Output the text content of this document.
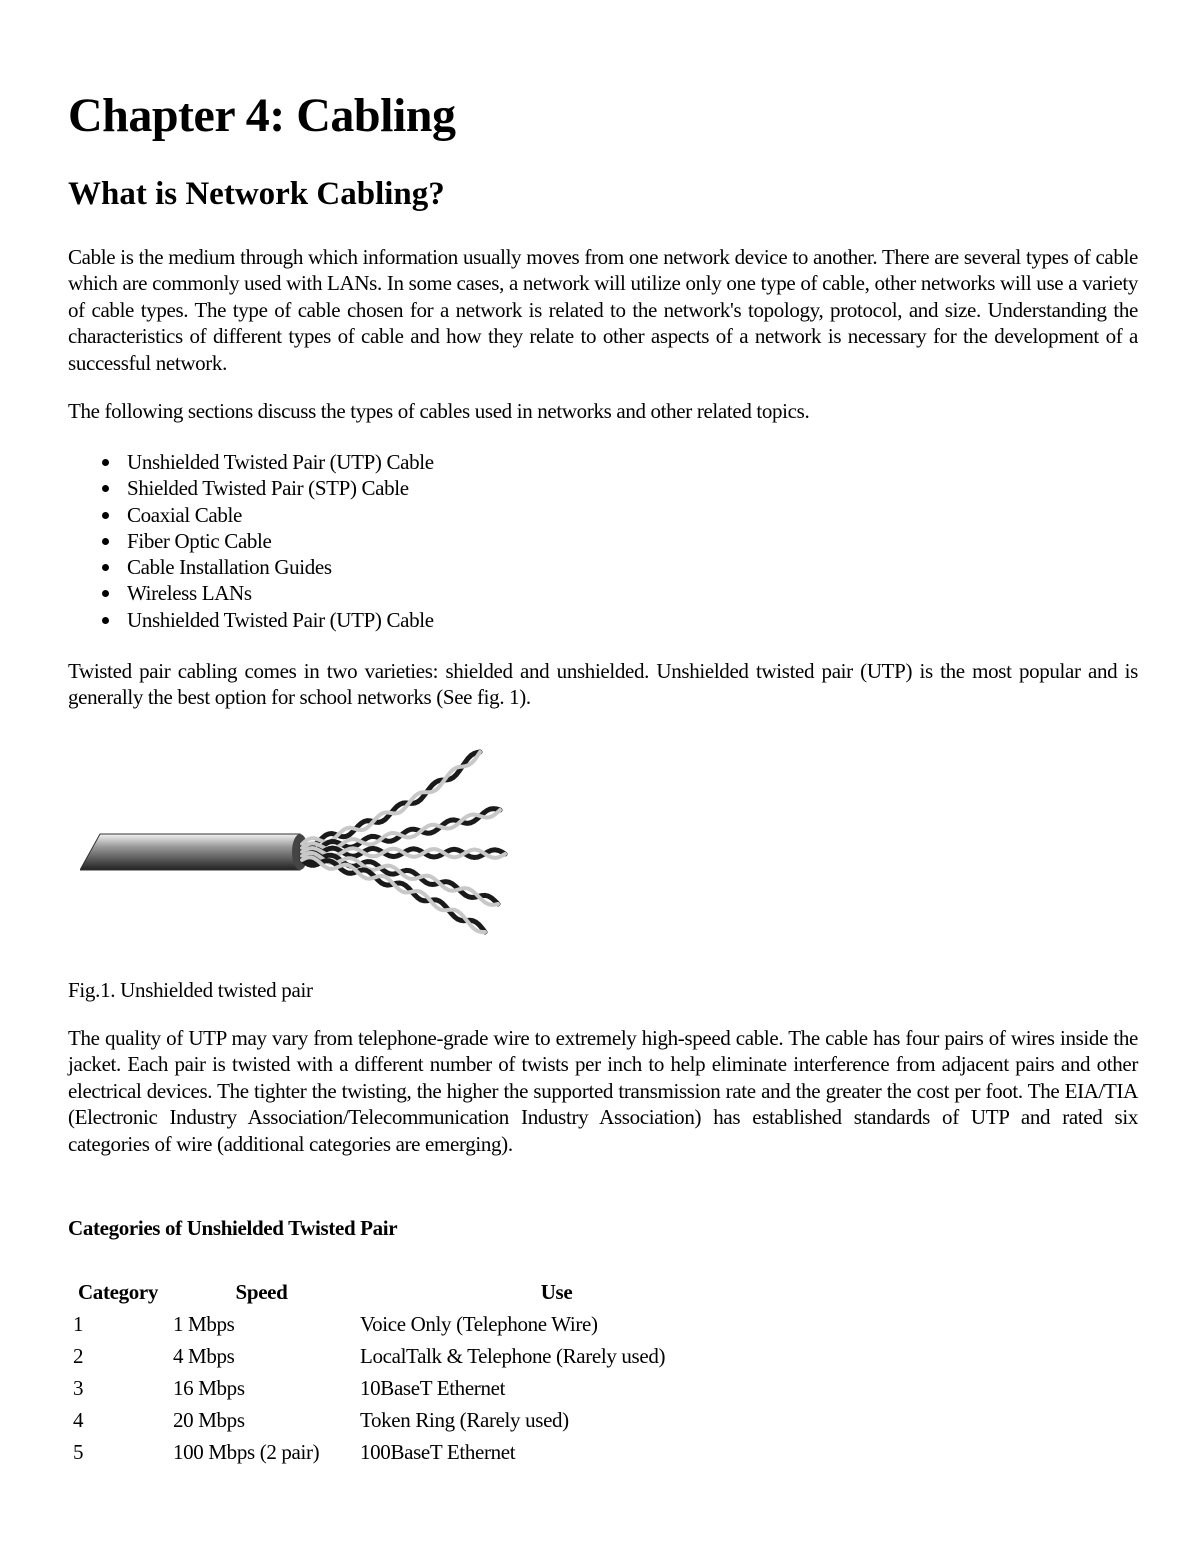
Chapter 4: Cabling
What is Network Cabling?

Cable is the medium through which information usually moves from one network device to another. There are several types of cable which are commonly used with LANs. In some cases, a network will utilize only one type of cable, other networks will use a variety of cable types. The type of cable chosen for a network is related to the network's topology, protocol, and size. Understanding the characteristics of different types of cable and how they relate to other aspects of a network is necessary for the development of a successful network.

The following sections discuss the types of cables used in networks and other related topics.

Unshielded Twisted Pair (UTP) Cable
Shielded Twisted Pair (STP) Cable
Coaxial Cable
Fiber Optic Cable
Cable Installation Guides
Wireless LANs
Unshielded Twisted Pair (UTP) Cable

Twisted pair cabling comes in two varieties: shielded and unshielded. Unshielded twisted pair (UTP) is the most popular and is generally the best option for school networks (See fig. 1).

Fig.1. Unshielded twisted pair

The quality of UTP may vary from telephone-grade wire to extremely high-speed cable. The cable has four pairs of wires inside the jacket. Each pair is twisted with a different number of twists per inch to help eliminate interference from adjacent pairs and other electrical devices. The tighter the twisting, the higher the supported transmission rate and the greater the cost per foot. The EIA/TIA (Electronic Industry Association/Telecommunication Industry Association) has established standards of UTP and rated six categories of wire (additional categories are emerging).

Categories of Unshielded Twisted Pair
Category	Speed	Use
1	1 Mbps	Voice Only (Telephone Wire)
2	4 Mbps	LocalTalk & Telephone (Rarely used)
3	16 Mbps	10BaseT Ethernet
4	20 Mbps	Token Ring (Rarely used)
5	100 Mbps (2 pair)	100BaseT Ethernet
